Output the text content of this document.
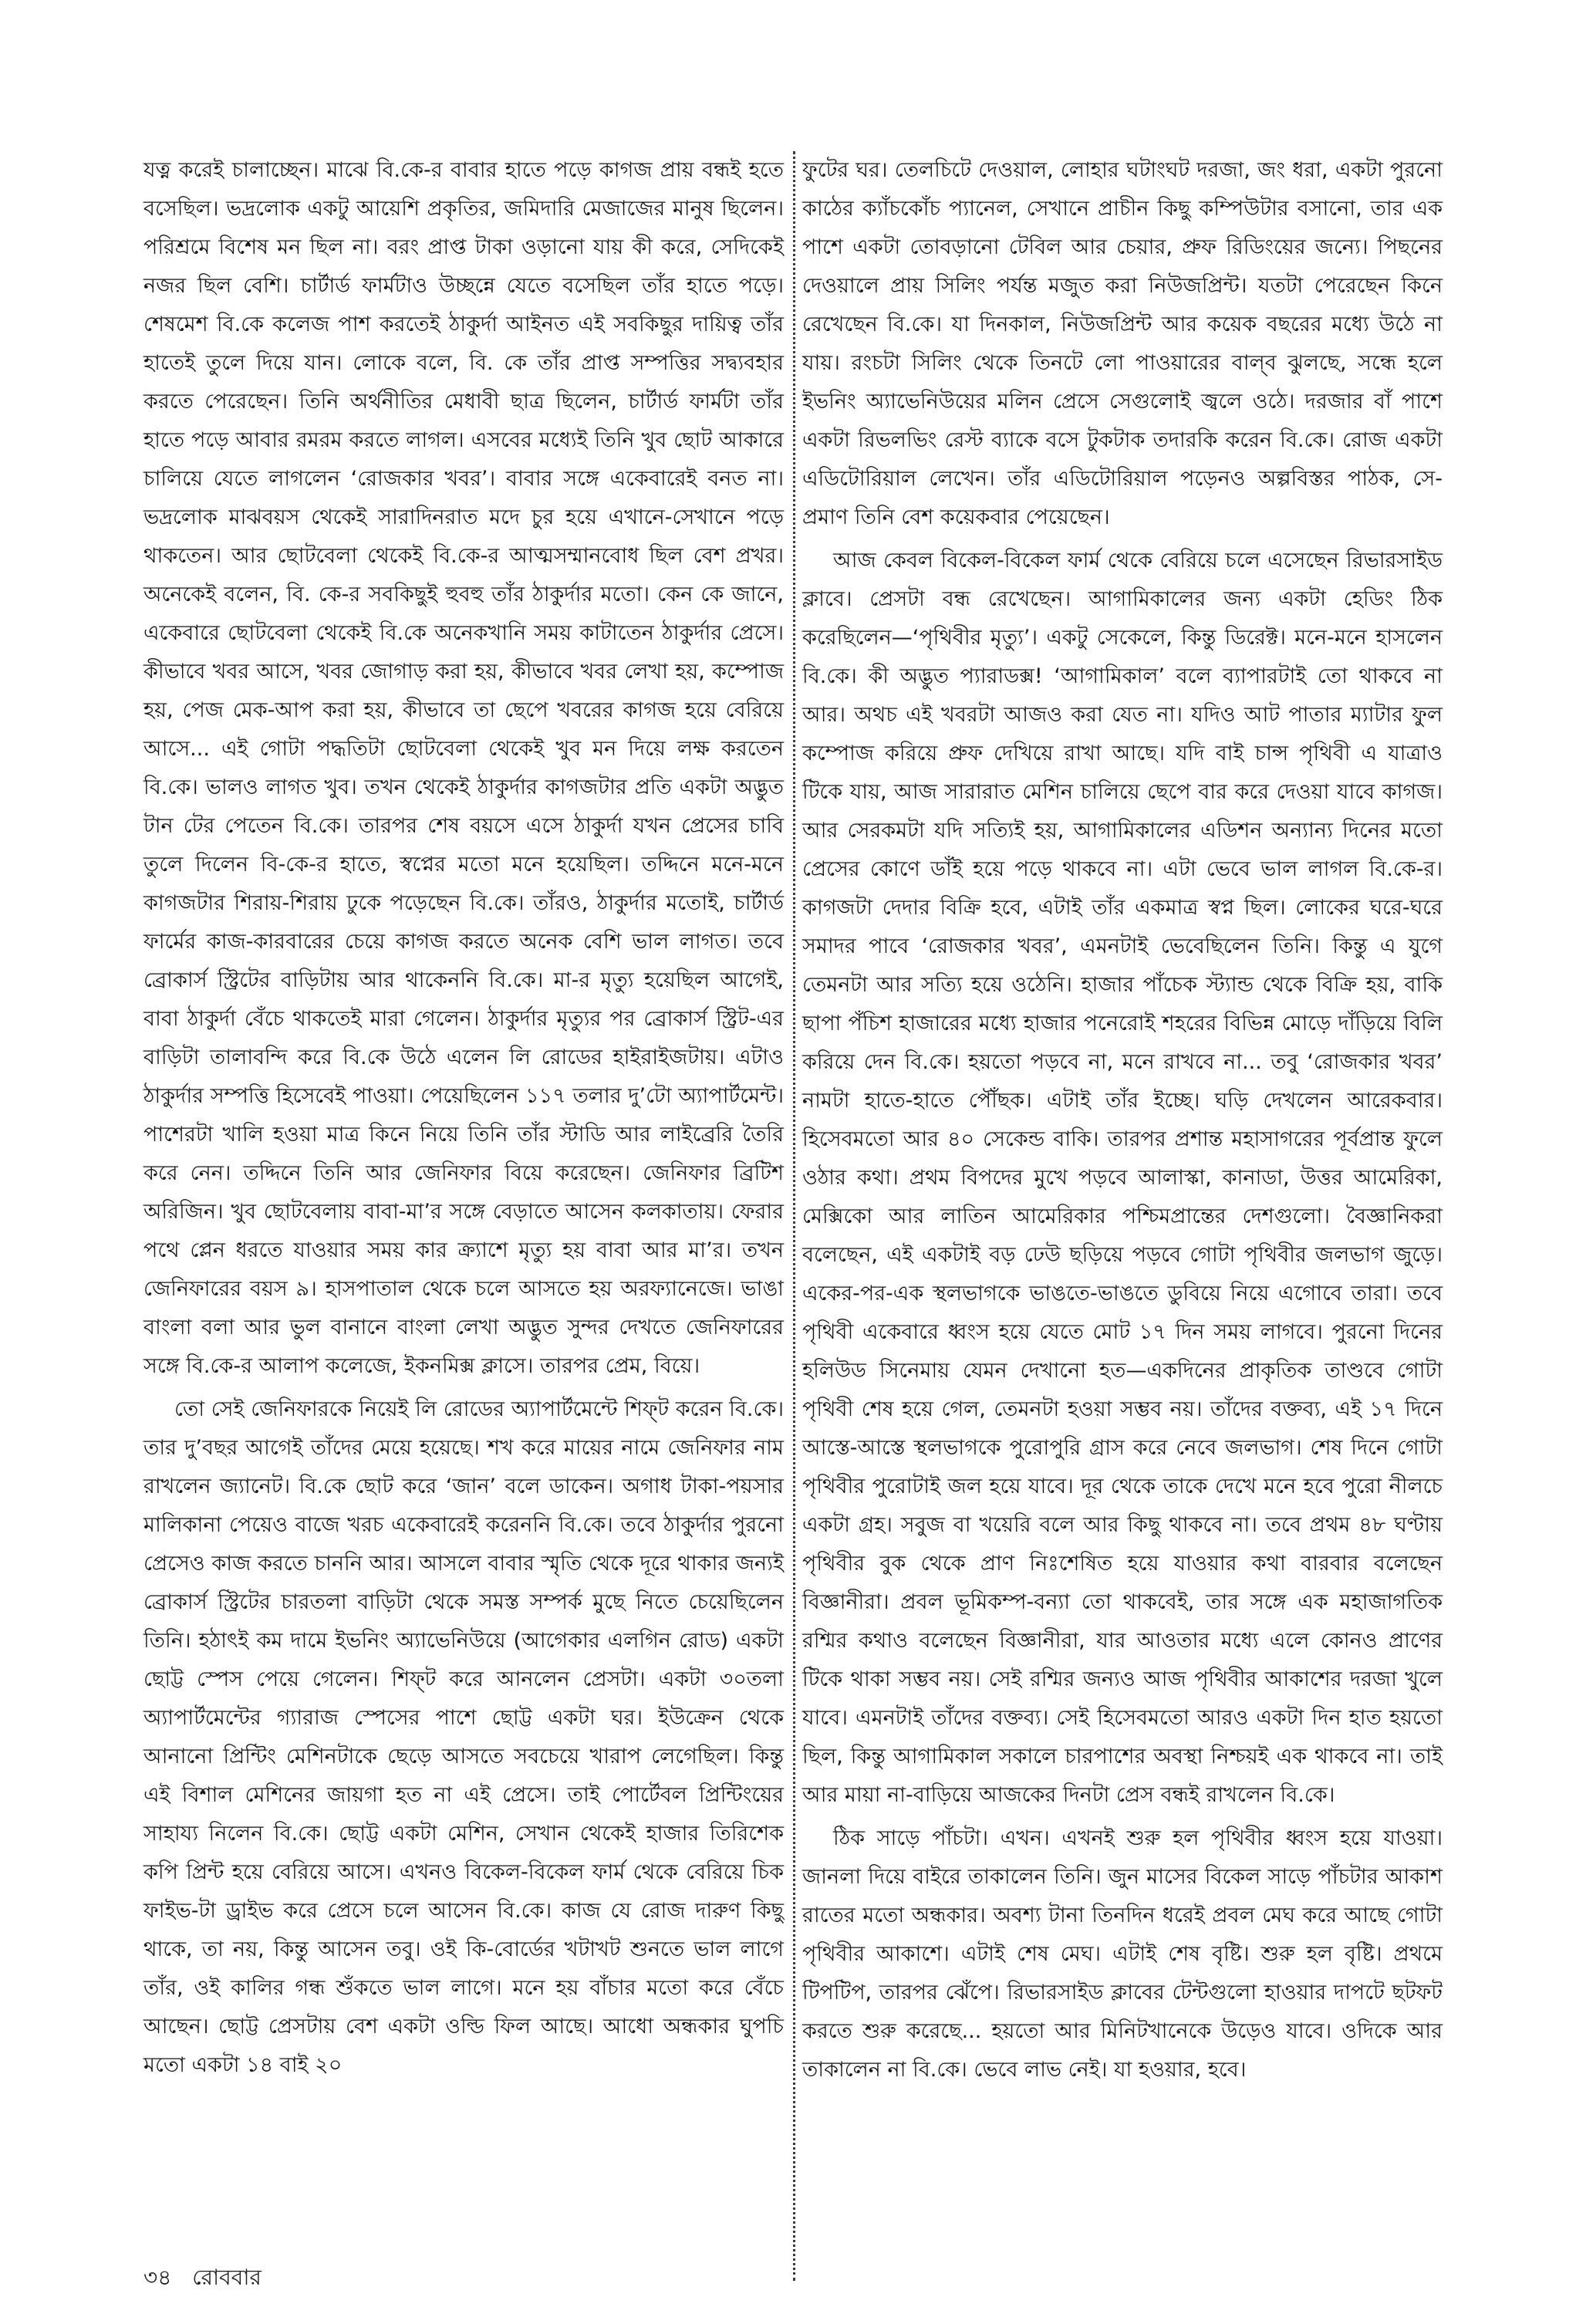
যত্ন করেই চালাচ্ছেন। মাঝে বি.কে-র বাবার হাতে পড়ে কাগজ প্রায় বন্ধই হতে বসেছিল। ভদ্রলোক একটু আয়েশি প্রকৃতির, জমিদারি মেজাজের মানুষ ছিলেন। পরিশ্রমে বিশেষ মন ছিল না। বরং প্রাপ্ত টাকা ওড়ানো যায় কী করে, সেদিকেই নজর ছিল বেশি। চার্টার্ড ফার্মটাও উচ্ছন্নে যেতে বসেছিল তাঁর হাতে পড়ে। শেষমেশ বি.কে কলেজ পাশ করতেই ঠাকুর্দা আইনত এই সবকিছুর দায়িত্ব তাঁর হাতেই তুলে দিয়ে যান। লোকে বলে, বি. কে তাঁর প্রাপ্ত সম্পত্তির সদ্ব্যবহার করতে পেরেছেন। তিনি অর্থনীতির মেধাবী ছাত্র ছিলেন, চার্টার্ড ফার্মটা তাঁর হাতে পড়ে আবার রমরম করতে লাগল। এসবের মধ্যেই তিনি খুব ছোট আকারে চালিয়ে যেতে লাগলেন ‘রোজকার খবর’। বাবার সঙ্গে একেবারেই বনত না। ভদ্রলোক মাঝবয়স থেকেই সারাদিনরাত মদে চুর হয়ে এখানে-সেখানে পড়ে থাকতেন। আর ছোটবেলা থেকেই বি.কে-র আত্মসম্মানবোধ ছিল বেশ প্রখর। অনেকেই বলেন, বি. কে-র সবকিছুই হুবহু তাঁর ঠাকুর্দার মতো। কেন কে জানে, একেবারে ছোটবেলা থেকেই বি.কে অনেকখানি সময় কাটাতেন ঠাকুর্দার প্রেসে। কীভাবে খবর আসে, খবর জোগাড় করা হয়, কীভাবে খবর লেখা হয়, কম্পোজ হয়, পেজ মেক-আপ করা হয়, কীভাবে তা ছেপে খবরের কাগজ হয়ে বেরিয়ে আসে... এই গোটা পদ্ধতিটা ছোটবেলা থেকেই খুব মন দিয়ে লক্ষ করতেন বি.কে। ভালও লাগত খুব। তখন থেকেই ঠাকুর্দার কাগজটার প্রতি একটা অদ্ভুত টান টের পেতেন বি.কে। তারপর শেষ বয়সে এসে ঠাকুর্দা যখন প্রেসের চাবি তুলে দিলেন বি-কে-র হাতে, স্বপ্নের মতো মনে হয়েছিল। তদ্দিনে মনে-মনে কাগজটার শিরায়-শিরায় ঢুকে পড়েছেন বি.কে। তাঁরও, ঠাকুর্দার মতোই, চার্টার্ড ফার্মের কাজ-কারবারের চেয়ে কাগজ করতে অনেক বেশি ভাল লাগত। তবে ব্রোকার্স স্ট্রিটের বাড়িটায় আর থাকেননি বি.কে। মা-র মৃত্যু হয়েছিল আগেই, বাবা ঠাকুর্দা বেঁচে থাকতেই মারা গেলেন। ঠাকুর্দার মৃত্যুর পর ব্রোকার্স স্ট্রিট-এর বাড়িটা তালাবন্দি করে বি.কে উঠে এলেন লি রোডের হাইরাইজটায়। এটাও ঠাকুর্দার সম্পত্তি হিসেবেই পাওয়া। পেয়েছিলেন ১১৭ তলার দু’টো অ্যাপার্টমেন্ট। পাশেরটা খালি হওয়া মাত্র কিনে নিয়ে তিনি তাঁর স্টাডি আর লাইব্রেরি তৈরি করে নেন। তদ্দিনে তিনি আর জেনিফার বিয়ে করেছেন। জেনিফার ব্রিটিশ অরিজিন। খুব ছোটবেলায় বাবা-মা’র সঙ্গে বেড়াতে আসেন কলকাতায়। ফেরার পথে প্লেন ধরতে যাওয়ার সময় কার ক্র্যাশে মৃত্যু হয় বাবা আর মা’র। তখন জেনিফারের বয়স ৯। হাসপাতাল থেকে চলে আসতে হয় অরফ্যানেজে। ভাঙা বাংলা বলা আর ভুল বানানে বাংলা লেখা অদ্ভুত সুন্দর দেখতে জেনিফারের সঙ্গে বি.কে-র আলাপ কলেজে, ইকনমিক্স ক্লাসে। তারপর প্রেম, বিয়ে।

তো সেই জেনিফারকে নিয়েই লি রোডের অ্যাপার্টমেন্টে শিফ্‌ট করেন বি.কে। তার দু’বছর আগেই তাঁদের মেয়ে হয়েছে। শখ করে মায়ের নামে জেনিফার নাম রাখলেন জ্যানেট। বি.কে ছোট করে ‘জান’ বলে ডাকেন। অগাধ টাকা-পয়সার মালিকানা পেয়েও বাজে খরচ একেবারেই করেননি বি.কে। তবে ঠাকুর্দার পুরনো প্রেসেও কাজ করতে চাননি আর। আসলে বাবার স্মৃতি থেকে দূরে থাকার জন্যই ব্রোকার্স স্ট্রিটের চারতলা বাড়িটা থেকে সমস্ত সম্পর্ক মুছে নিতে চেয়েছিলেন তিনি। হঠাৎই কম দামে ইভনিং অ্যাভেনিউয়ে (আগেকার এলগিন রোড) একটা ছোট্ট স্পেস পেয়ে গেলেন। শিফ্‌ট করে আনলেন প্রেসটা। একটা ৩০তলা অ্যাপার্টমেন্টের গ্যারাজ স্পেসের পাশে ছোট্ট একটা ঘর। ইউক্রেন থেকে আনানো প্রিন্টিং মেশিনটাকে ছেড়ে আসতে সবচেয়ে খারাপ লেগেছিল। কিন্তু এই বিশাল মেশিনের জায়গা হত না এই প্রেসে। তাই পোর্টেবল প্রিন্টিংয়ের সাহায্য নিলেন বি.কে। ছোট্ট একটা মেশিন, সেখান থেকেই হাজার তিরিশেক কপি প্রিন্ট হয়ে বেরিয়ে আসে। এখনও বিকেল-বিকেল ফার্ম থেকে বেরিয়ে চিক ফাইভ-টা ড্রাইভ করে প্রেসে চলে আসেন বি.কে। কাজ যে রোজ দারুণ কিছু থাকে, তা নয়, কিন্তু আসেন তবু। ওই কি-বোর্ডের খটাখট শুনতে ভাল লাগে তাঁর, ওই কালির গন্ধ শুঁকতে ভাল লাগে। মনে হয় বাঁচার মতো করে বেঁচে আছেন। ছোট্ট প্রেসটায় বেশ একটা ওল্ডি ফিল আছে। আধো অন্ধকার ঘুপচি মতো একটা ১৪ বাই ২০

ফুটের ঘর। তেলচিটে দেওয়াল, লোহার ঘটাংঘট দরজা, জং ধরা, একটা পুরনো কাঠের ক্যাঁচকোঁচ প্যানেল, সেখানে প্রাচীন কিছু কম্পিউটার বসানো, তার এক পাশে একটা তোবড়ানো টেবিল আর চেয়ার, প্রুফ রিডিংয়ের জন্যে। পিছনের দেওয়ালে প্রায় সিলিং পর্যন্ত মজুত করা নিউজপ্রিন্ট। যতটা পেরেছেন কিনে রেখেছেন বি.কে। যা দিনকাল, নিউজপ্রিন্ট আর কয়েক বছরের মধ্যে উঠে না যায়। রংচটা সিলিং থেকে তিনটে লো পাওয়ারের বাল্‌ব ঝুলছে, সন্ধে হলে ইভনিং অ্যাভেনিউয়ের মলিন প্রেসে সেগুলোই জ্বলে ওঠে। দরজার বাঁ পাশে একটা রিভলভিং রেস্ট ব্যাকে বসে টুকটাক তদারকি করেন বি.কে। রোজ একটা এডিটোরিয়াল লেখেন। তাঁর এডিটোরিয়াল পড়েনও অল্পবিস্তর পাঠক, সে-প্রমাণ তিনি বেশ কয়েকবার পেয়েছেন।

আজ কেবল বিকেল-বিকেল ফার্ম থেকে বেরিয়ে চলে এসেছেন রিভারসাইড ক্লাবে। প্রেসটা বন্ধ রেখেছেন। আগামিকালের জন্য একটা হেডিং ঠিক করেছিলেন—‘পৃথিবীর মৃত্যু’। একটু সেকেলে, কিন্তু ডিরেক্ট। মনে-মনে হাসলেন বি.কে। কী অদ্ভুত প্যারাডক্স! ‘আগামিকাল’ বলে ব্যাপারটাই তো থাকবে না আর। অথচ এই খবরটা আজও করা যেত না। যদিও আট পাতার ম্যাটার ফুল কম্পোজ করিয়ে প্রুফ দেখিয়ে রাখা আছে। যদি বাই চান্স পৃথিবী এ যাত্রাও টিকে যায়, আজ সারারাত মেশিন চালিয়ে ছেপে বার করে দেওয়া যাবে কাগজ। আর সেরকমটা যদি সত্যিই হয়, আগামিকালের এডিশন অন্যান্য দিনের মতো প্রেসের কোণে ডাঁই হয়ে পড়ে থাকবে না। এটা ভেবে ভাল লাগল বি.কে-র। কাগজটা দেদার বিক্রি হবে, এটাই তাঁর একমাত্র স্বপ্ন ছিল। লোকের ঘরে-ঘরে সমাদর পাবে ‘রোজকার খবর’, এমনটাই ভেবেছিলেন তিনি। কিন্তু এ যুগে তেমনটা আর সত্যি হয়ে ওঠেনি। হাজার পাঁচেক স্ট্যান্ড থেকে বিক্রি হয়, বাকি ছাপা পঁচিশ হাজারের মধ্যে হাজার পনেরোই শহরের বিভিন্ন মোড়ে দাঁড়িয়ে বিলি করিয়ে দেন বি.কে। হয়তো পড়বে না, মনে রাখবে না... তবু ‘রোজকার খবর’ নামটা হাতে-হাতে পৌঁছক। এটাই তাঁর ইচ্ছে। ঘড়ি দেখলেন আরেকবার। হিসেবমতো আর ৪০ সেকেন্ড বাকি। তারপর প্রশান্ত মহাসাগরের পূর্বপ্রান্ত ফুলে ওঠার কথা। প্রথম বিপদের মুখে পড়বে আলাস্কা, কানাডা, উত্তর আমেরিকা, মেক্সিকো আর লাতিন আমেরিকার পশ্চিমপ্রান্তের দেশগুলো। বৈজ্ঞানিকরা বলেছেন, এই একটাই বড় ঢেউ ছড়িয়ে পড়বে গোটা পৃথিবীর জলভাগ জুড়ে। একের-পর-এক স্থলভাগকে ভাঙতে-ভাঙতে ডুবিয়ে নিয়ে এগোবে তারা। তবে পৃথিবী একেবারে ধ্বংস হয়ে যেতে মোট ১৭ দিন সময় লাগবে। পুরনো দিনের হলিউড সিনেমায় যেমন দেখানো হত—একদিনের প্রাকৃতিক তাণ্ডবে গোটা পৃথিবী শেষ হয়ে গেল, তেমনটা হওয়া সম্ভব নয়। তাঁদের বক্তব্য, এই ১৭ দিনে আস্তে-আস্তে স্থলভাগকে পুরোপুরি গ্রাস করে নেবে জলভাগ। শেষ দিনে গোটা পৃথিবীর পুরোটাই জল হয়ে যাবে। দূর থেকে তাকে দেখে মনে হবে পুরো নীলচে একটা গ্রহ। সবুজ বা খয়েরি বলে আর কিছু থাকবে না। তবে প্রথম ৪৮ ঘণ্টায় পৃথিবীর বুক থেকে প্রাণ নিঃশেষিত হয়ে যাওয়ার কথা বারবার বলেছেন বিজ্ঞানীরা। প্রবল ভূমিকম্প-বন্যা তো থাকবেই, তার সঙ্গে এক মহাজাগতিক রশ্মির কথাও বলেছেন বিজ্ঞানীরা, যার আওতার মধ্যে এলে কোনও প্রাণের টিকে থাকা সম্ভব নয়। সেই রশ্মির জন্যও আজ পৃথিবীর আকাশের দরজা খুলে যাবে। এমনটাই তাঁদের বক্তব্য। সেই হিসেবমতো আরও একটা দিন হাত হয়তো ছিল, কিন্তু আগামিকাল সকালে চারপাশের অবস্থা নিশ্চয়ই এক থাকবে না। তাই আর মায়া না-বাড়িয়ে আজকের দিনটা প্রেস বন্ধই রাখলেন বি.কে।

ঠিক সাড়ে পাঁচটা। এখন। এখনই শুরু হল পৃথিবীর ধ্বংস হয়ে যাওয়া। জানলা দিয়ে বাইরে তাকালেন তিনি। জুন মাসের বিকেল সাড়ে পাঁচটার আকাশ রাতের মতো অন্ধকার। অবশ্য টানা তিনদিন ধরেই প্রবল মেঘ করে আছে গোটা পৃথিবীর আকাশে। এটাই শেষ মেঘ। এটাই শেষ বৃষ্টি। শুরু হল বৃষ্টি। প্রথমে টিপটিপ, তারপর ঝেঁপে। রিভারসাইড ক্লাবের টেন্টগুলো হাওয়ার দাপটে ছটফট করতে শুরু করেছে... হয়তো আর মিনিটখানেকে উড়েও যাবে। ওদিকে আর তাকালেন না বি.কে। ভেবে লাভ নেই। যা হওয়ার, হবে।

৩৪ রোববার
